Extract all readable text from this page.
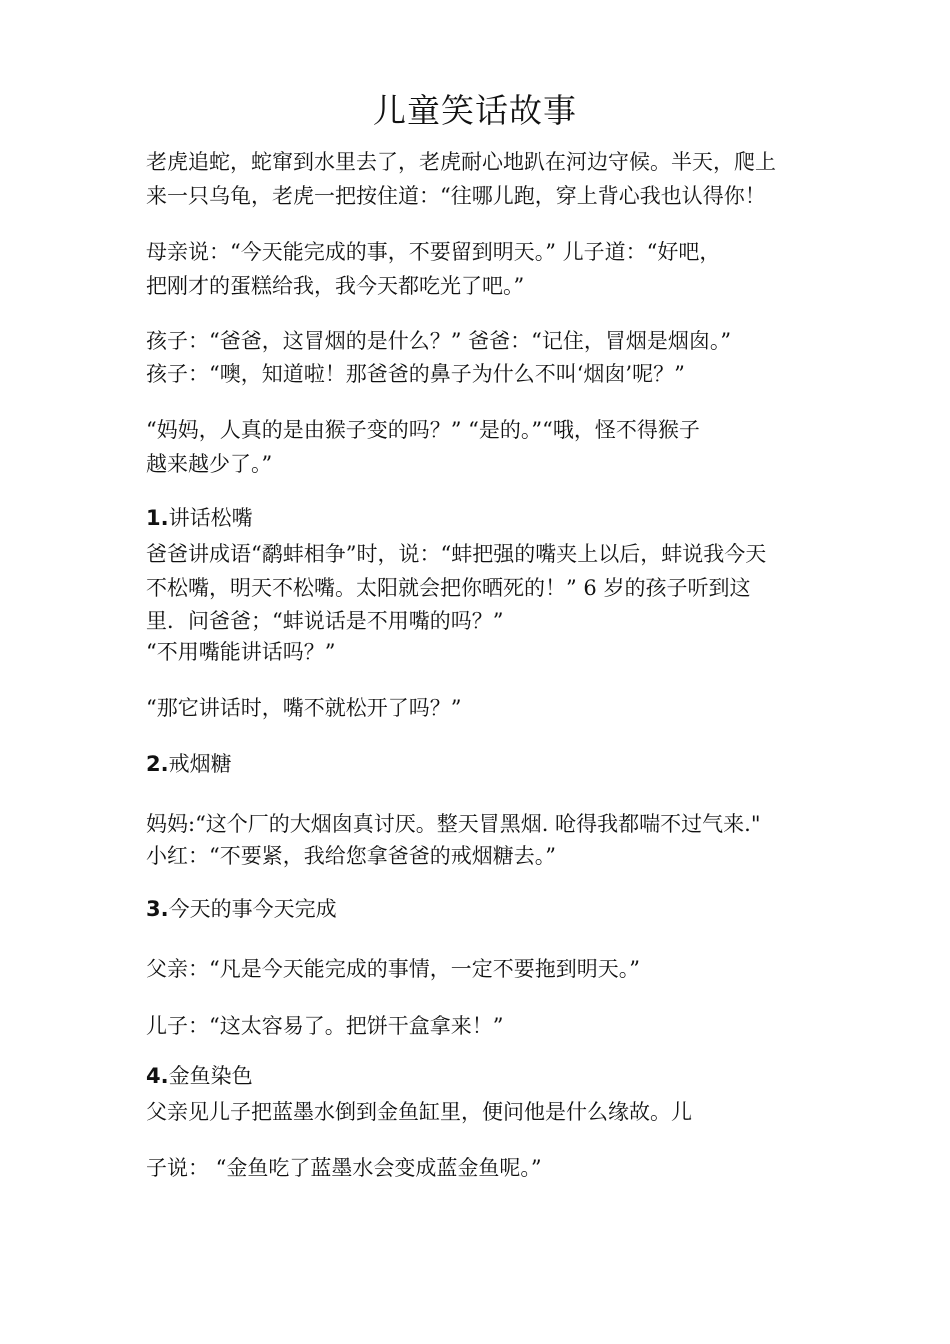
儿童笑话故事
老虎追蛇，蛇窜到水里去了，老虎耐心地趴在河边守候。半天，爬上
来一只乌龟，老虎一把按住道：“往哪儿跑，穿上背心我也认得你！
母亲说：“今天能完成的事，不要留到明天。” 儿子道：“好吧，
把刚才的蛋糕给我，我今天都吃光了吧。”
孩子：“爸爸，这冒烟的是什么？” 爸爸：“记住，冒烟是烟囱。”
孩子：“噢，知道啦！那爸爸的鼻子为什么不叫‘烟囱’呢？”
“妈妈，人真的是由猴子变的吗？” “是的。”“哦，怪不得猴子
越来越少了。”
1.讲话松嘴
爸爸讲成语“鹬蚌相争”时，说：“蚌把强的嘴夹上以后，蚌说我今天
不松嘴，明天不松嘴。太阳就会把你晒死的！” 6 岁的孩子听到这
里．问爸爸；“蚌说话是不用嘴的吗？”
“不用嘴能讲话吗？”
“那它讲话时，嘴不就松开了吗？”
2.戒烟糖
妈妈:“这个厂的大烟囱真讨厌。整天冒黑烟. 呛得我都喘不过气来."
小红：“不要紧，我给您拿爸爸的戒烟糖去。”
3.今天的事今天完成
父亲：“凡是今天能完成的事情，一定不要拖到明天。”
儿子：“这太容易了。把饼干盒拿来！”
4.金鱼染色
父亲见儿子把蓝墨水倒到金鱼缸里，便问他是什么缘故。儿
子说： “金鱼吃了蓝墨水会变成蓝金鱼呢。”
